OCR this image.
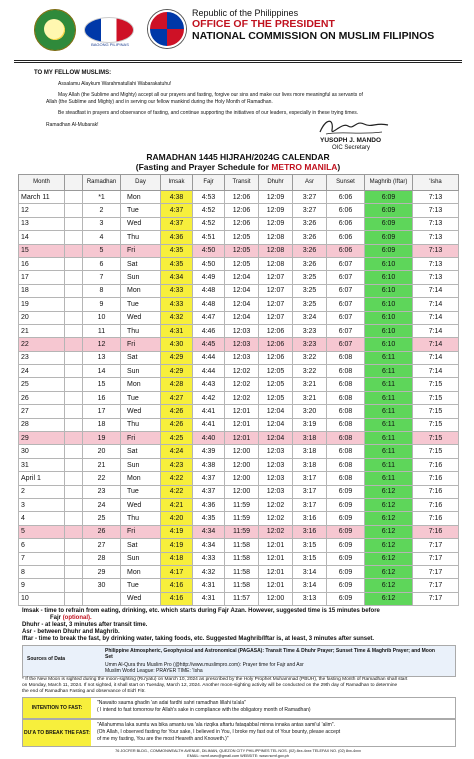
BAGONG PILIPINAS
Republic of the Philippines
OFFICE OF THE PRESIDENT
NATIONAL COMMISSION ON MUSLIM FILIPINOS
TO MY FELLOW MUSLIMS:
Assalamu Alaykum Warahmatullahi Wabarakatuhu!
May Allah (the Sublime and Mighty) accept all our prayers and fasting, forgive our sins and make our lives more meaningful as servants of
Allah (the Sublime and Mighty) and in serving our fellow mankind during the Holy Month of Ramadhan.
Be steadfast in prayers and observance of fasting, and continue supporting the initiatives of our leaders, especially in these trying times.
Ramadhan Al-Mubarak!
YUSOPH J. MANDO
OIC Secretary
RAMADHAN 1445 HIJRAH/2024G CALENDAR
(Fasting and Prayer Schedule for METRO MANILA)
Month		Ramadhan	Day	Imsak	Fajr	Transit	Dhuhr	Asr	Sunset	Maghrib (Iftar)	'Isha
March 11		*1	Mon	4:38	4:53	12:06	12:09	3:27	6:06	6:09	7:13
12		2	Tue	4:37	4:52	12:06	12:09	3:27	6:06	6:09	7:13
13		3	Wed	4:37	4:52	12:06	12:09	3:26	6:06	6:09	7:13
14		4	Thu	4:36	4:51	12:05	12:08	3:26	6:06	6:09	7:13
15		5	Fri	4:35	4:50	12:05	12:08	3:26	6:06	6:09	7:13
16		6	Sat	4:35	4:50	12:05	12:08	3:26	6:07	6:10	7:13
17		7	Sun	4:34	4:49	12:04	12:07	3:25	6:07	6:10	7:13
18		8	Mon	4:33	4:48	12:04	12:07	3:25	6:07	6:10	7:14
19		9	Tue	4:33	4:48	12:04	12:07	3:25	6:07	6:10	7:14
20		10	Wed	4:32	4:47	12:04	12:07	3:24	6:07	6:10	7:14
21		11	Thu	4:31	4:46	12:03	12:06	3:23	6:07	6:10	7:14
22		12	Fri	4:30	4:45	12:03	12:06	3:23	6:07	6:10	7:14
23		13	Sat	4:29	4:44	12:03	12:06	3:22	6:08	6:11	7:14
24		14	Sun	4:29	4:44	12:02	12:05	3:22	6:08	6:11	7:14
25		15	Mon	4:28	4:43	12:02	12:05	3:21	6:08	6:11	7:15
26		16	Tue	4:27	4:42	12:02	12:05	3:21	6:08	6:11	7:15
27		17	Wed	4:26	4:41	12:01	12:04	3:20	6:08	6:11	7:15
28		18	Thu	4:26	4:41	12:01	12:04	3:19	6:08	6:11	7:15
29		19	Fri	4:25	4:40	12:01	12:04	3:18	6:08	6:11	7:15
30		20	Sat	4:24	4:39	12:00	12:03	3:18	6:08	6:11	7:15
31		21	Sun	4:23	4:38	12:00	12:03	3:18	6:08	6:11	7:16
April 1		22	Mon	4:22	4:37	12:00	12:03	3:17	6:08	6:11	7:16
2		23	Tue	4:22	4:37	12:00	12:03	3:17	6:09	6:12	7:16
3		24	Wed	4:21	4:36	11:59	12:02	3:17	6:09	6:12	7:16
4		25	Thu	4:20	4:35	11:59	12:02	3:16	6:09	6:12	7:16
5		26	Fri	4:19	4:34	11:59	12:02	3:16	6:09	6:12	7:16
6		27	Sat	4:19	4:34	11:58	12:01	3:15	6:09	6:12	7:17
7		28	Sun	4:18	4:33	11:58	12:01	3:15	6:09	6:12	7:17
8		29	Mon	4:17	4:32	11:58	12:01	3:14	6:09	6:12	7:17
9		30	Tue	4:16	4:31	11:58	12:01	3:14	6:09	6:12	7:17
10			Wed	4:16	4:31	11:57	12:00	3:13	6:09	6:12	7:17
Imsak - time to refrain from eating, drinking, etc. which starts during Fajr Azan. However, suggested time is 15 minutes before
Fajr (optional).
Dhuhr - at least, 3 minutes after transit time.
Asr - between Dhuhr and Maghrib.
Iftar - time to break the fast, by drinking water, taking foods, etc. Suggested Maghrib/Iftar is, at least, 3 minutes after sunset.
Sources of Data
Philippine Atmospheric, Geophysical and Astronomical (PAGASA): Transit Time & Dhuhr Prayer; Sunset Time & Maghrib Prayer; and Moon
Set
Umm Al-Qura thru Muslim Pro (@http://www.muslimpro.com): Prayer time for Fajr and Asr
Muslim World League: PRAYER TIME: 'Isha
* If the New Moon is sighted during the moon-sighting (Ru'yatu) on March 10, 2024 as prescribed by the Holy Prophet Muhammad (PBUH), the fasting Month of Ramadhan shall start
on Monday, March 11, 2024. If not sighted, it shall start on Tuesday, March 12, 2024. Another moon-sighting activity will be conducted on the 29th day of Ramadhan to determine
the end of Ramadhan Fasting and observance of Eid'l Fitr.
INTENTION TO FAST:
"Nawaito sauma ghadin 'an adai fardhi sahri ramadhan lillahi ta'ala"
( I intend to fast tomorrow for Allah's sake in compliance with the obligatory month of Ramadhan)
DU'A TO BREAK THE FAST:
"Allahumma laka sumtu wa bika amantu wa 'ala rizqika aftartu fataqabbal minna innaka antas sami'ul 'alim".
(Oh Allah, I observed fasting for Your sake, I believed in You, I broke my fast out of Your bounty, please accept
of me my fasting, You are the most Heareth and Knoweth.)"
76 JOCFER BLDG., COMMONWEALTH AVENUE, DILIMAN, QUEZON CITY PHILIPPINES TEL NOS. (02) 8xx-4xxx TELEFAX NO. (02) 8xx-4xxx
EMAIL: ncmf.osec@gmail.com WEBSITE: www.ncmf.gov.ph
